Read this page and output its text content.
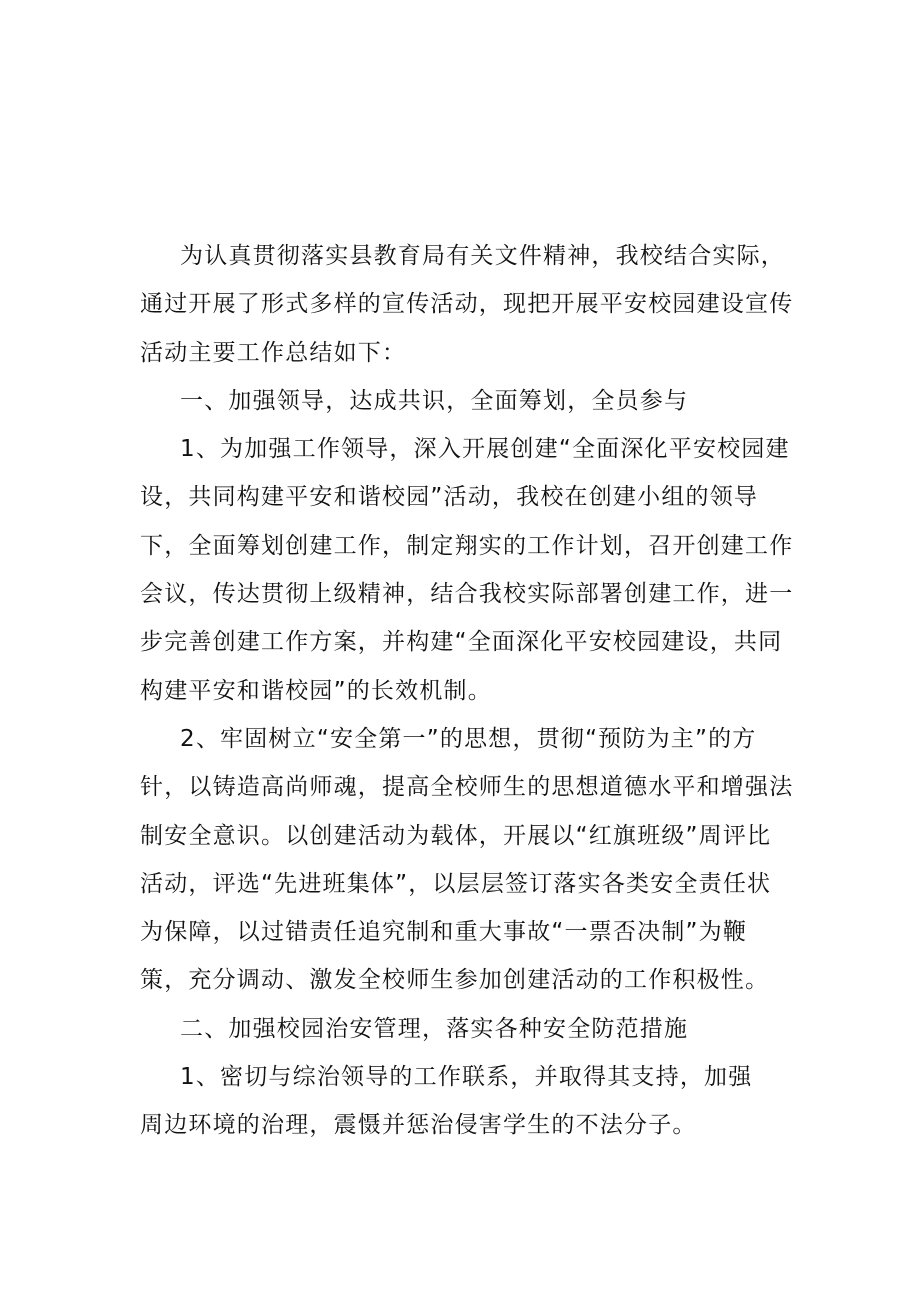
为认真贯彻落实县教育局有关文件精神，我校结合实际，
通过开展了形式多样的宣传活动，现把开展平安校园建设宣传
活动主要工作总结如下：
一、加强领导，达成共识，全面筹划，全员参与
1、为加强工作领导，深入开展创建“全面深化平安校园建
设，共同构建平安和谐校园”活动，我校在创建小组的领导
下，全面筹划创建工作，制定翔实的工作计划，召开创建工作
会议，传达贯彻上级精神，结合我校实际部署创建工作，进一
步完善创建工作方案，并构建“全面深化平安校园建设，共同
构建平安和谐校园”的长效机制。
2、牢固树立“安全第一”的思想，贯彻“预防为主”的方
针，以铸造高尚师魂，提高全校师生的思想道德水平和增强法
制安全意识。以创建活动为载体，开展以“红旗班级”周评比
活动，评选“先进班集体”，以层层签订落实各类安全责任状
为保障，以过错责任追究制和重大事故“一票否决制”为鞭
策，充分调动、激发全校师生参加创建活动的工作积极性。
二、加强校园治安管理，落实各种安全防范措施
1、密切与综治领导的工作联系，并取得其支持，加强
周边环境的治理，震慑并惩治侵害学生的不法分子。
